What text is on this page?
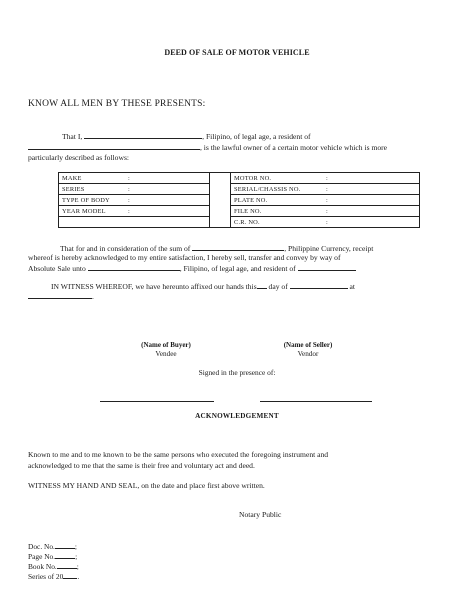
DEED OF SALE OF MOTOR VEHICLE
KNOW ALL MEN BY THESE PRESENTS:
That I,	, Filipino, of legal age, a resident of
, is the lawful owner of a certain motor vehicle which is more
particularly described as follows:
MAKE	:		MOTOR NO.	:
SERIES	:		SERIAL/CHASSIS NO.	:
TYPE OF BODY	:		PLATE NO.	:
YEAR MODEL	:		FILE NO.	:
			C.R. NO.	:
That for and in consideration of the sum of	, Philippine Currency, receipt
whereof is hereby acknowledged to my entire satisfaction, I hereby sell, transfer and convey by way of
Absolute Sale unto	, Filipino, of legal age, and resident of
IN WITNESS WHEREOF, we have hereunto affixed our hands this day of	at
.
(Name of Buyer)
Vendee
(Name of Seller)
Vendor
Signed in the presence of:
ACKNOWLEDGEMENT
Known to me and to me known to be the same persons who executed the foregoing instrument and
acknowledged to me that the same is their free and voluntary act and deed.
WITNESS MY HAND AND SEAL, on the date and place first above written.
Notary Public
Doc. No.	;
Page No.	;
Book No.	;
Series of 20 .
